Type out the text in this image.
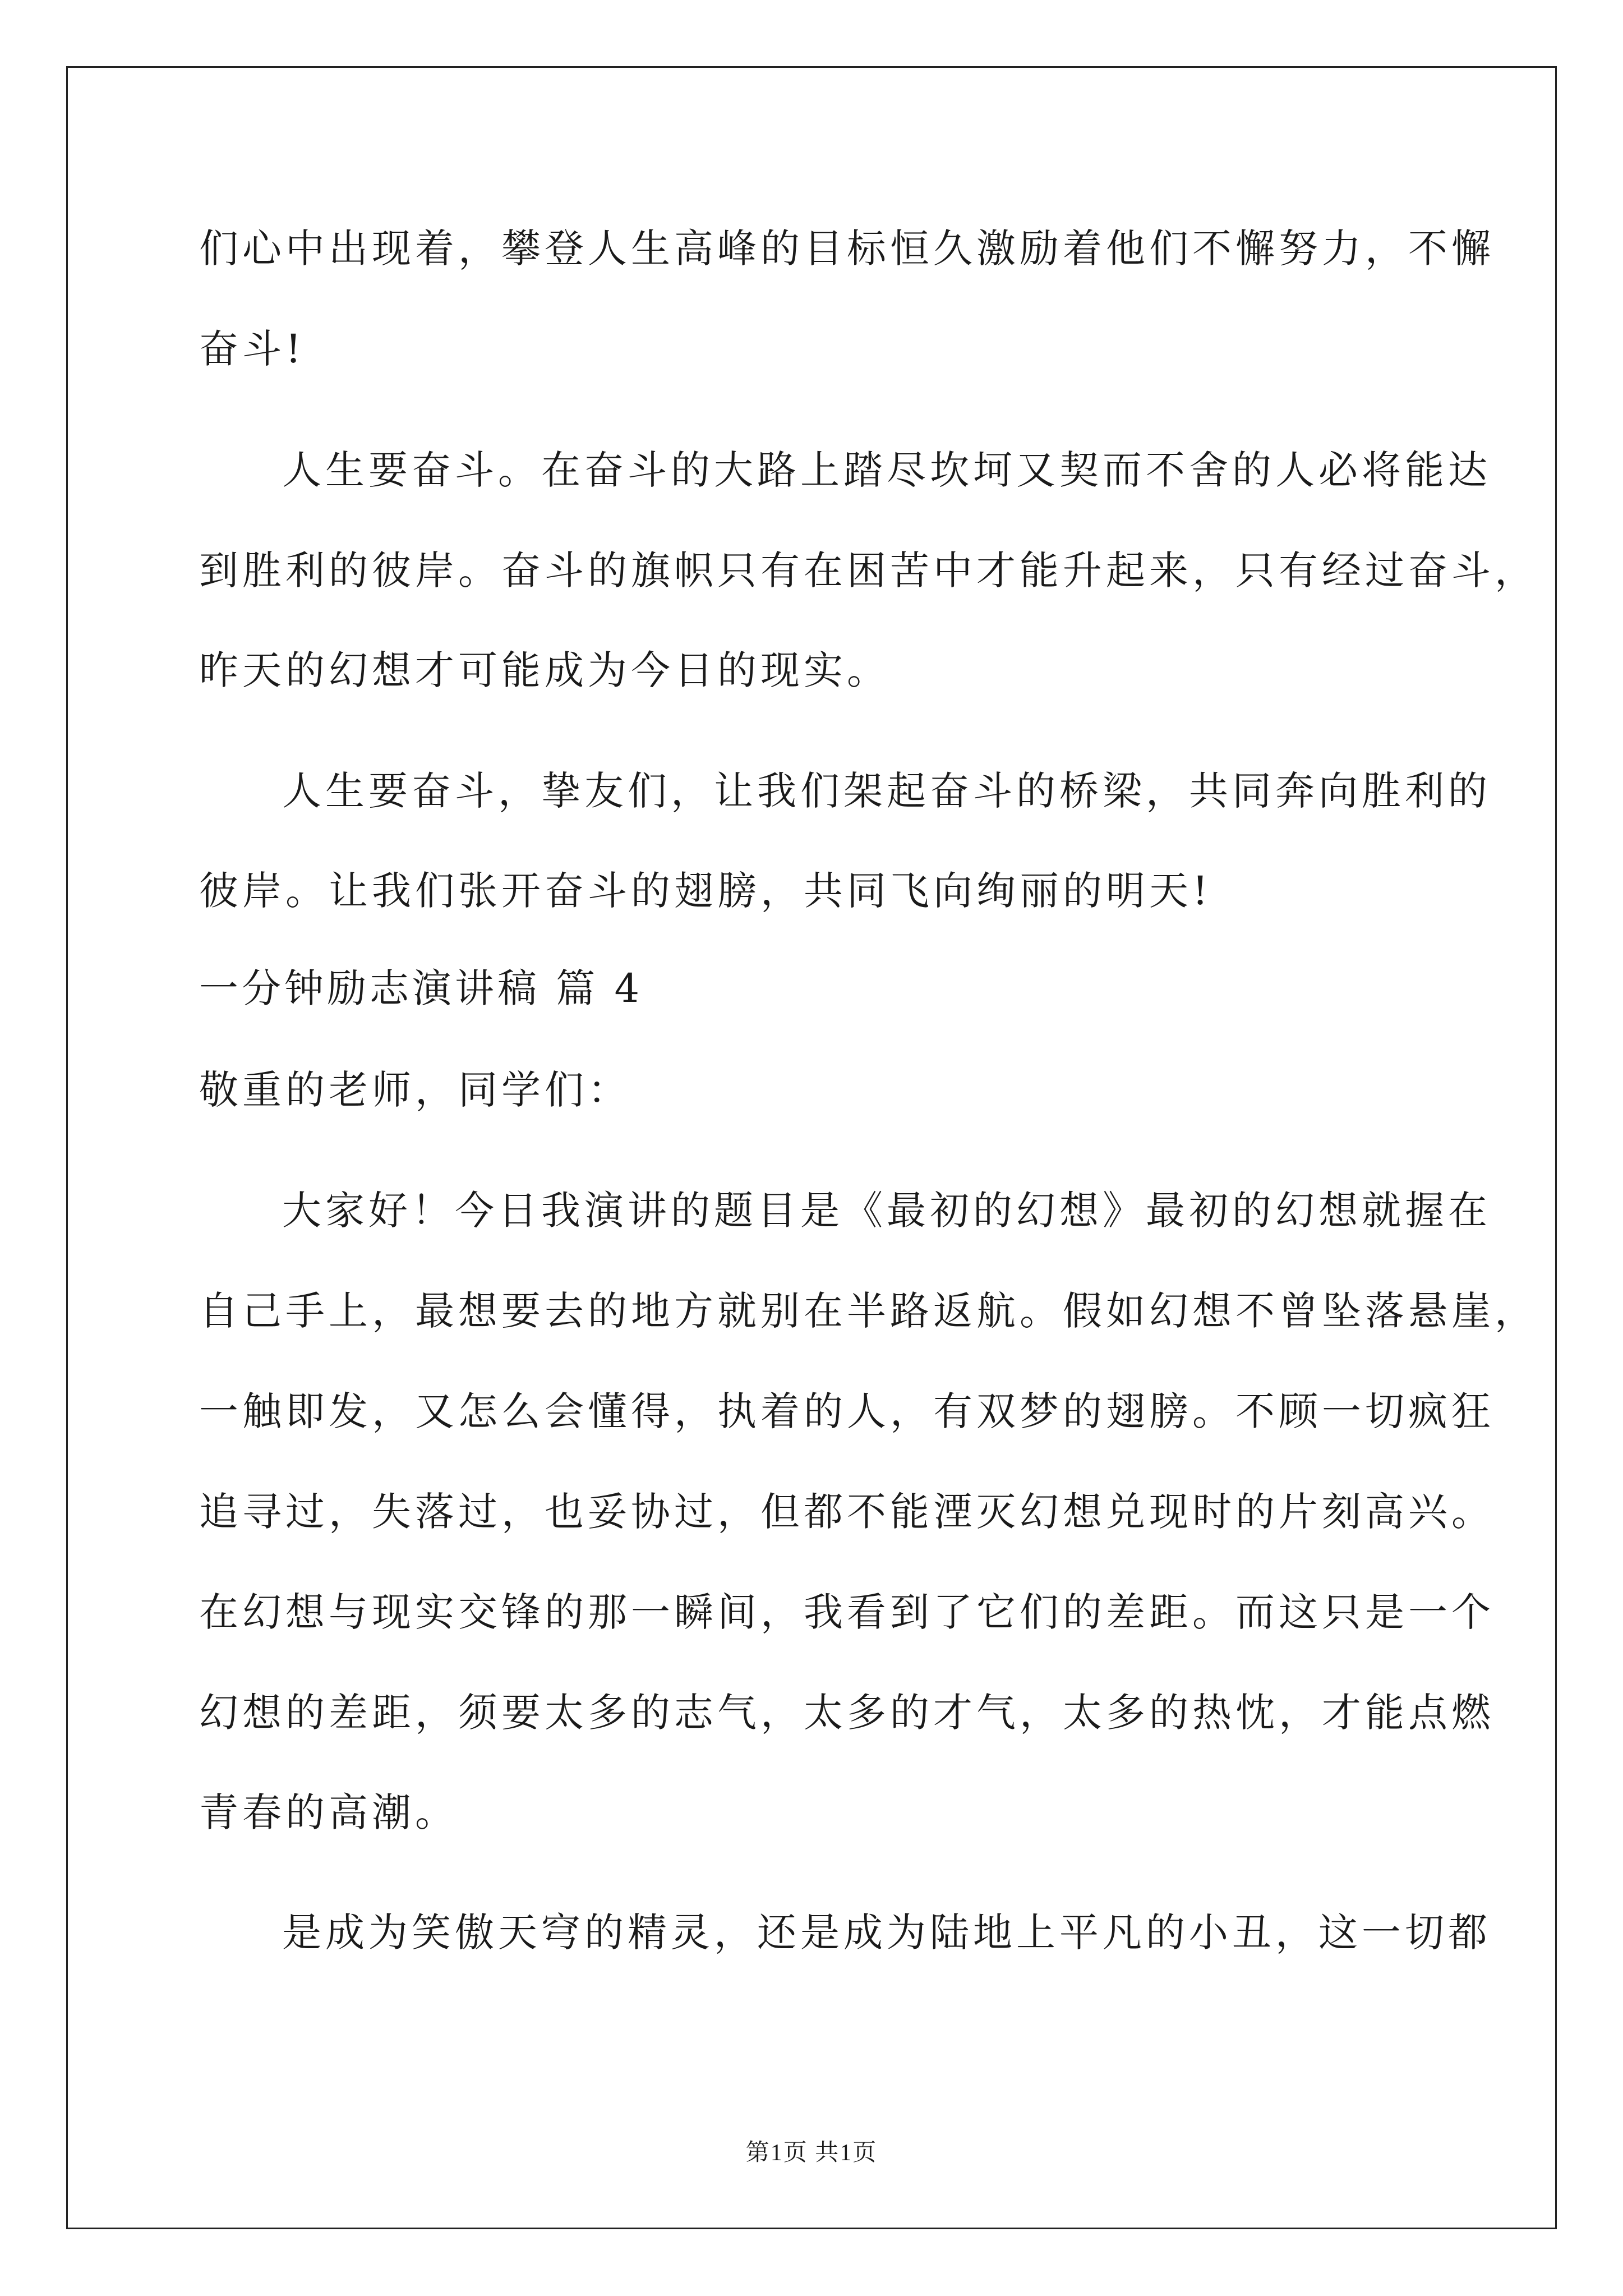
们心中出现着，攀登人生高峰的目标恒久激励着他们不懈努力，不懈
奋斗!
人生要奋斗。在奋斗的大路上踏尽坎坷又契而不舍的人必将能达
到胜利的彼岸。奋斗的旗帜只有在困苦中才能升起来，只有经过奋斗，
昨天的幻想才可能成为今日的现实。
人生要奋斗，挚友们，让我们架起奋斗的桥梁，共同奔向胜利的
彼岸。让我们张开奋斗的翅膀，共同飞向绚丽的明天!
一分钟励志演讲稿 篇 4
敬重的老师，同学们：
大家好！今日我演讲的题目是《最初的幻想》最初的幻想就握在
自己手上，最想要去的地方就别在半路返航。假如幻想不曾坠落悬崖，
一触即发，又怎么会懂得，执着的人，有双梦的翅膀。不顾一切疯狂
追寻过，失落过，也妥协过，但都不能湮灭幻想兑现时的片刻高兴。
在幻想与现实交锋的那一瞬间，我看到了它们的差距。而这只是一个
幻想的差距，须要太多的志气，太多的才气，太多的热忱，才能点燃
青春的高潮。
是成为笑傲天穹的精灵，还是成为陆地上平凡的小丑，这一切都
第1页 共1页
